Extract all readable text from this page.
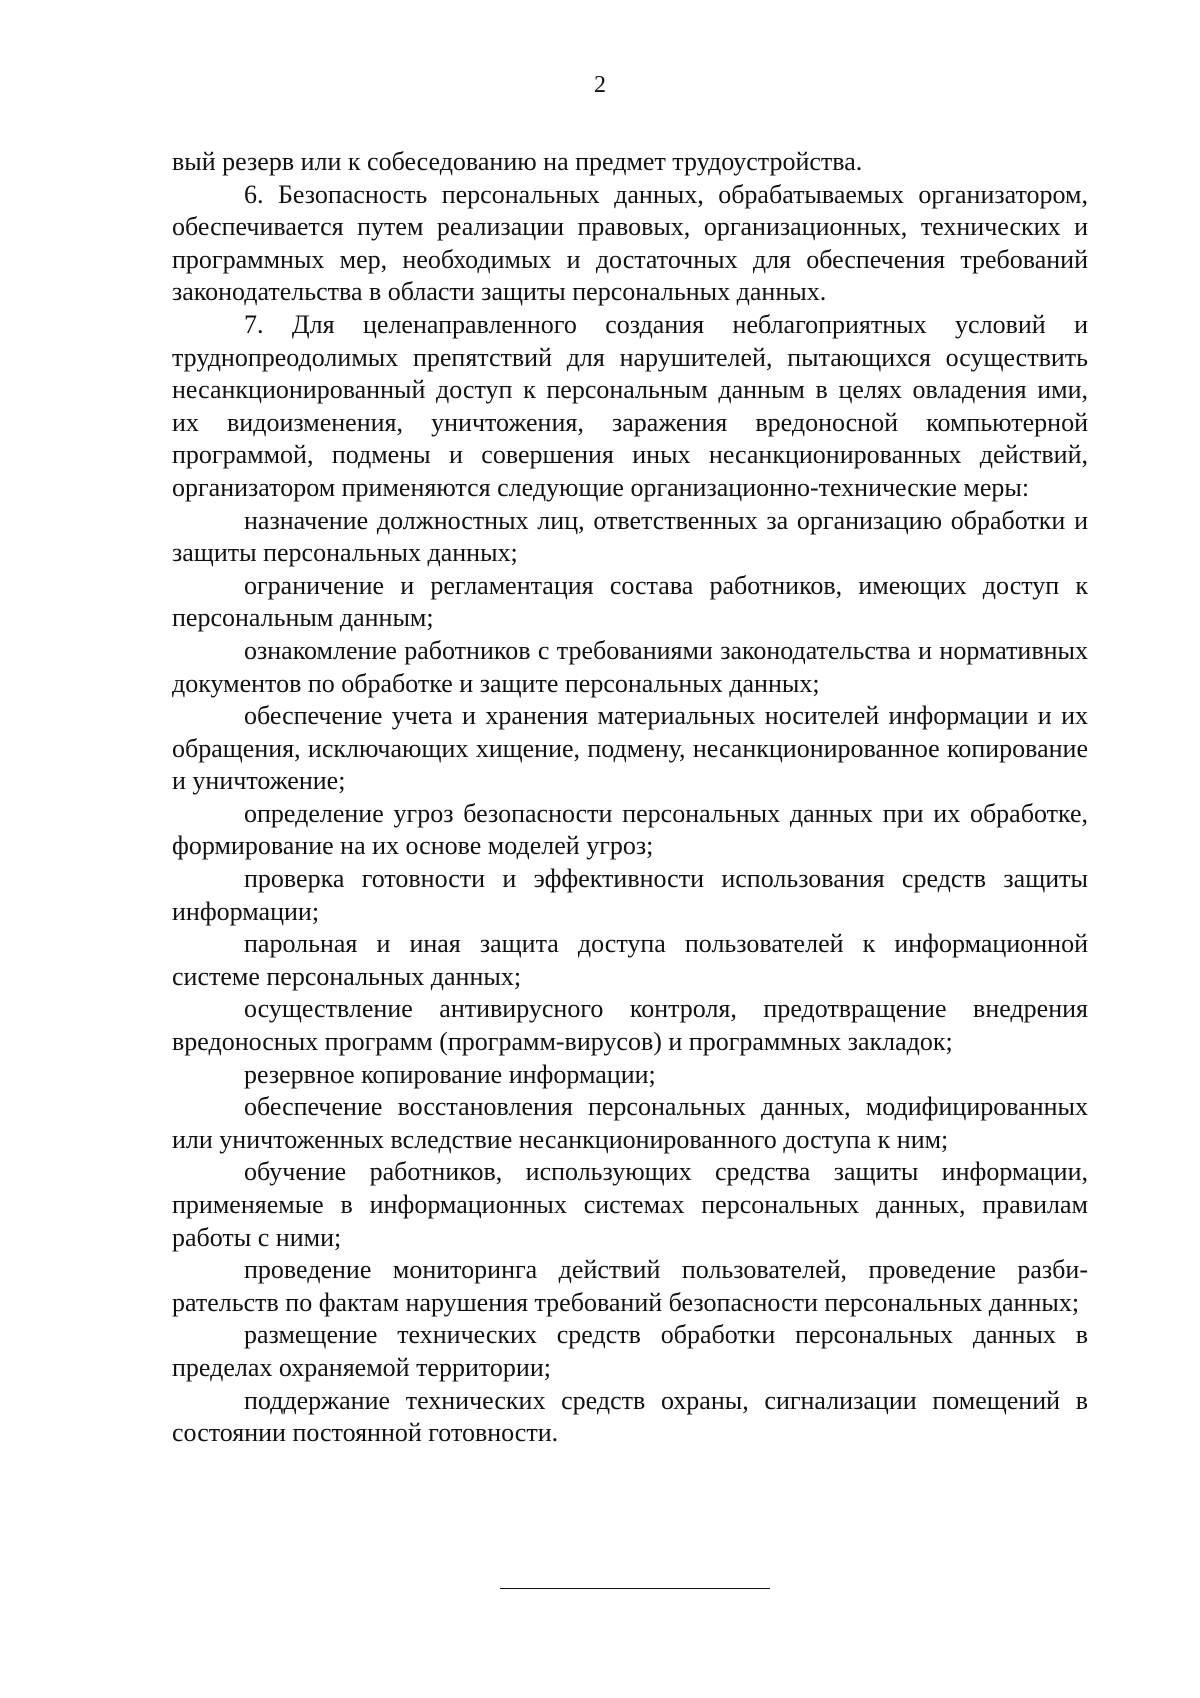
2

вый резерв или к собеседованию на предмет трудоустройства.

6. Безопасность персональных данных, обрабатываемых организатором, обеспечивается путем реализации правовых, организационных, технических и программных мер, необходимых и достаточных для обеспечения требований законодательства в области защиты персональных данных.

7. Для целенаправленного создания неблагоприятных условий и труднопреодолимых препятствий для нарушителей, пытающихся осуществить несанкционированный доступ к персональным данным в целях овладения ими, их видоизменения, уничтожения, заражения вредоносной компьютерной программой, подмены и совершения иных несанкционированных действий, организатором применяются следующие организационно-технические меры:

назначение должностных лиц, ответственных за организацию обработки и защиты персональных данных;

ограничение и регламентация состава работников, имеющих доступ к персональным данным;

ознакомление работников с требованиями законодательства и нормативных документов по обработке и защите персональных данных;

обеспечение учета и хранения материальных носителей информации и их обращения, исключающих хищение, подмену, несанкционированное копирование и уничтожение;

определение угроз безопасности персональных данных при их обработке, формирование на их основе моделей угроз;

проверка готовности и эффективности использования средств защиты информации;

парольная и иная защита доступа пользователей к информационной системе персональных данных;

осуществление антивирусного контроля, предотвращение внедрения вредоносных программ (программ-вирусов) и программных закладок;

резервное копирование информации;

обеспечение восстановления персональных данных, модифицированных или уничтоженных вследствие несанкционированного доступа к ним;

обучение работников, использующих средства защиты информации, применяемые в информационных системах персональных данных, правилам работы с ними;

проведение мониторинга действий пользователей, проведение разбирательств по фактам нарушения требований безопасности персональных данных;

размещение технических средств обработки персональных данных в пределах охраняемой территории;

поддержание технических средств охраны, сигнализации помещений в состоянии постоянной готовности.
